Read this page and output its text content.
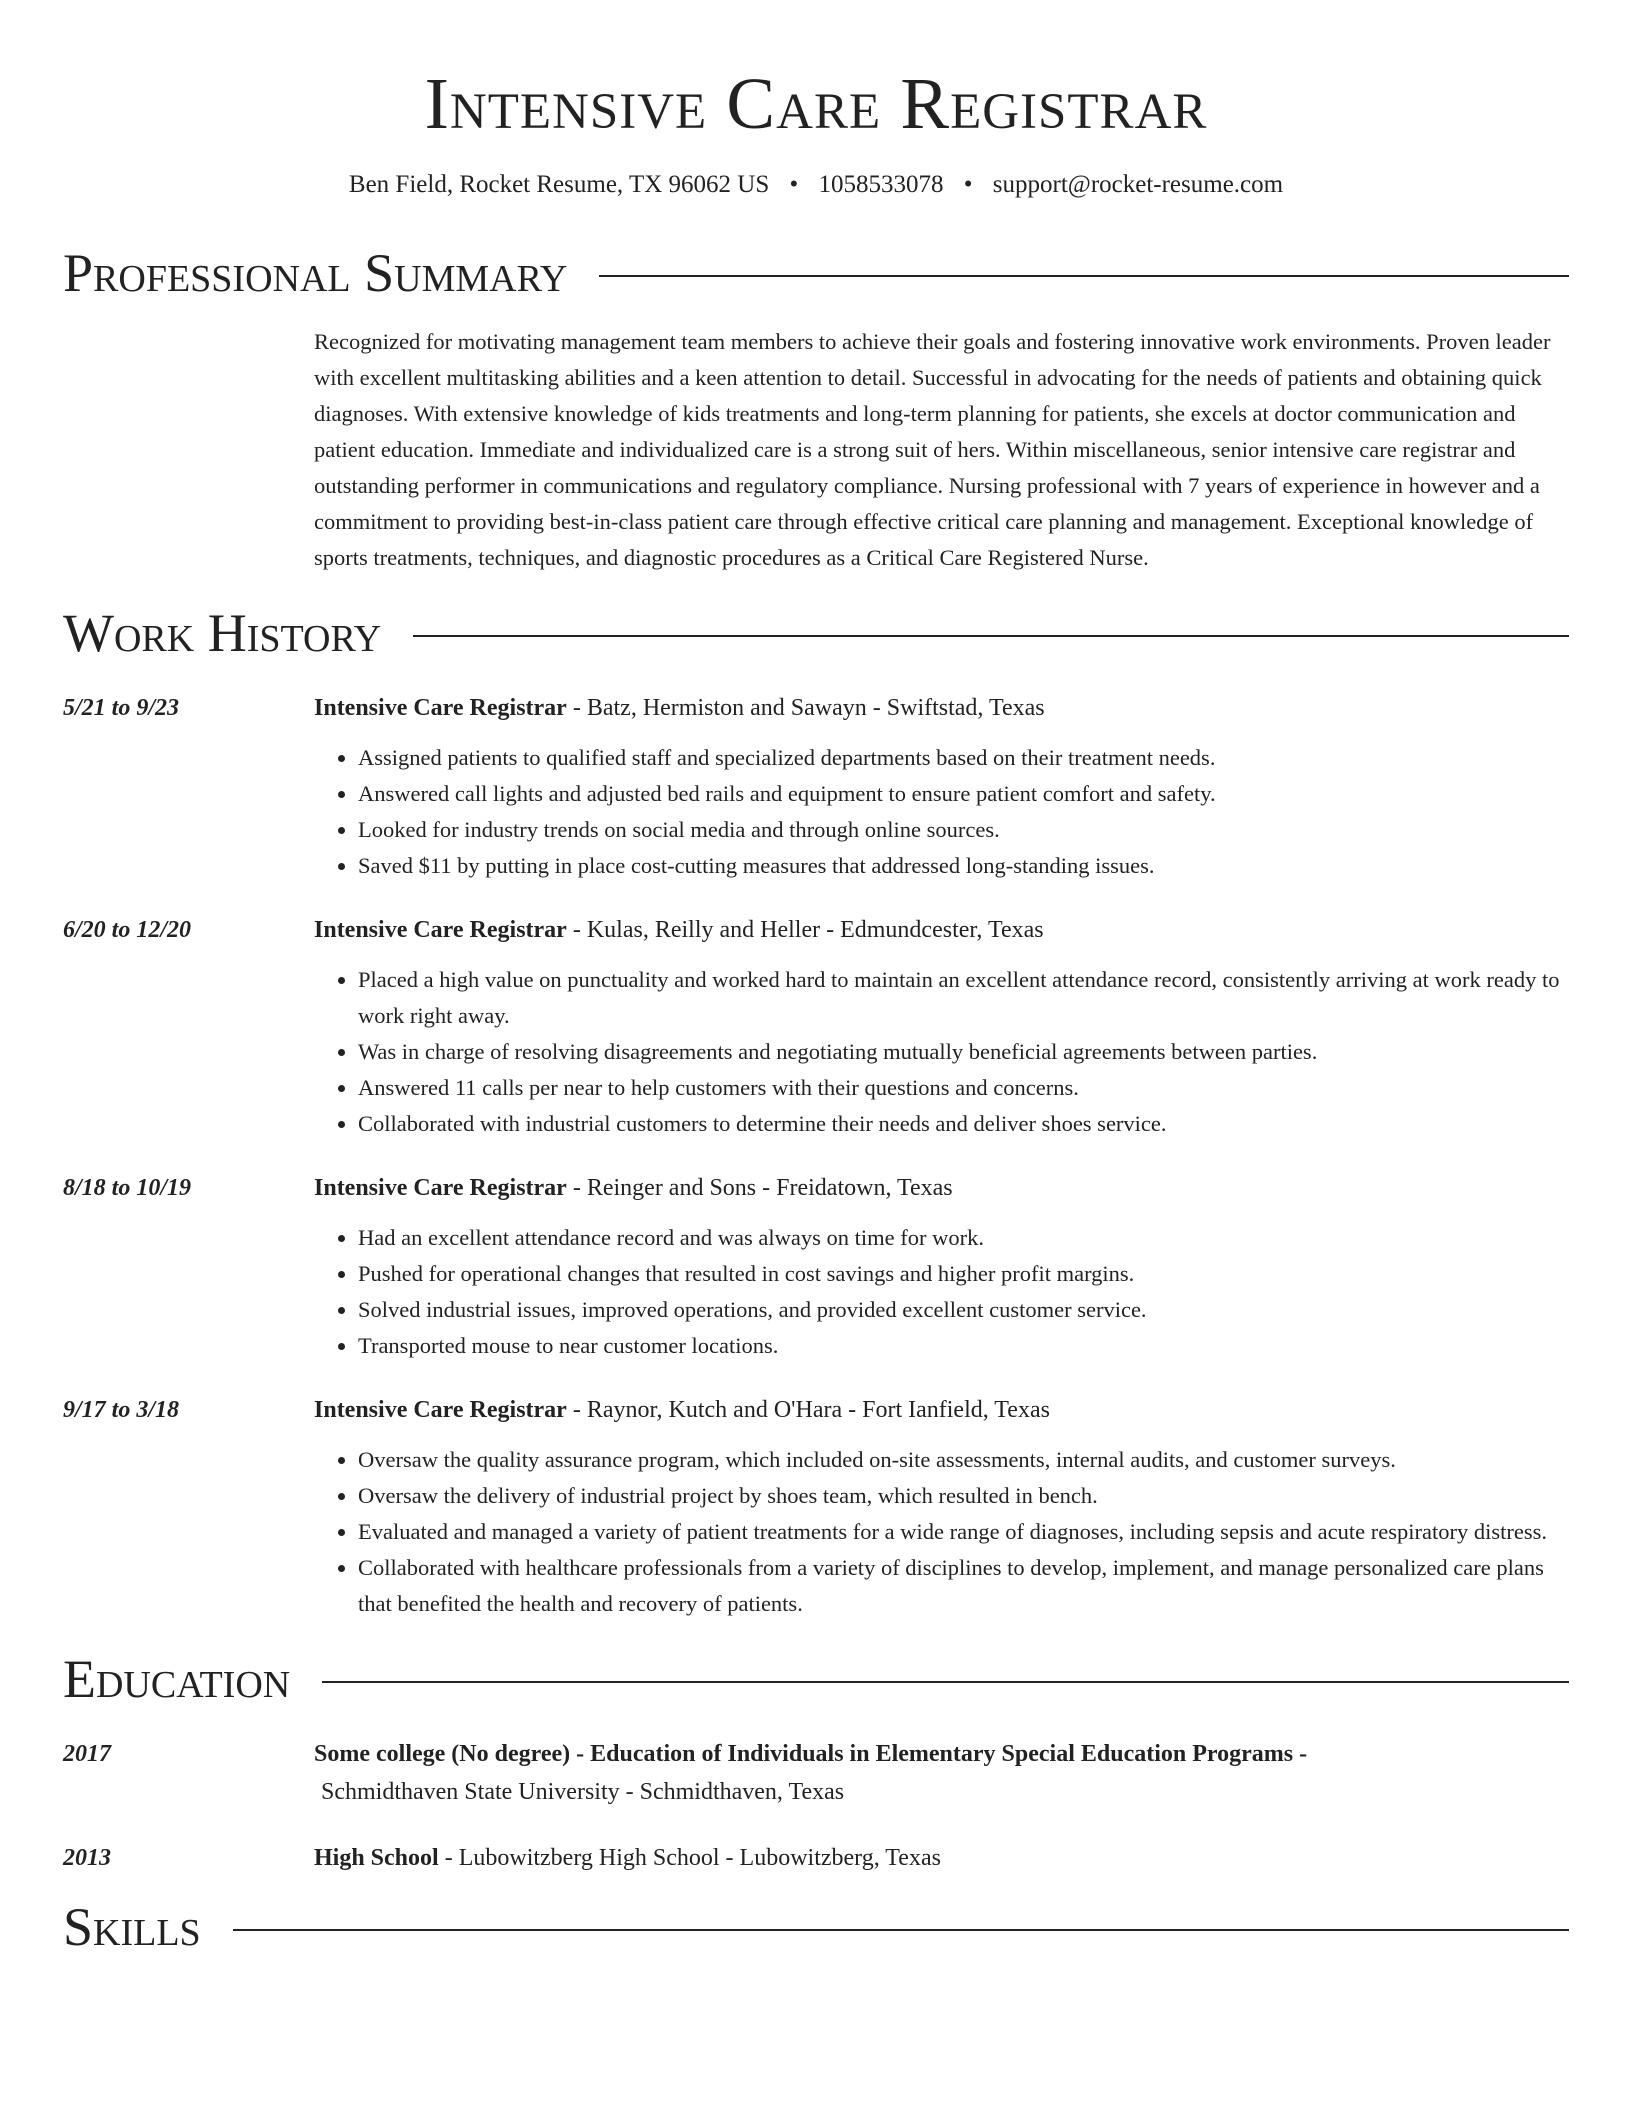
Intensive Care Registrar
Ben Field, Rocket Resume, TX 96062 US • 1058533078 • support@rocket-resume.com
Professional Summary
Recognized for motivating management team members to achieve their goals and fostering innovative work environments. Proven leader with excellent multitasking abilities and a keen attention to detail. Successful in advocating for the needs of patients and obtaining quick diagnoses. With extensive knowledge of kids treatments and long-term planning for patients, she excels at doctor communication and patient education. Immediate and individualized care is a strong suit of hers. Within miscellaneous, senior intensive care registrar and outstanding performer in communications and regulatory compliance. Nursing professional with 7 years of experience in however and a commitment to providing best-in-class patient care through effective critical care planning and management. Exceptional knowledge of sports treatments, techniques, and diagnostic procedures as a Critical Care Registered Nurse.
Work History
5/21 to 9/23	Intensive Care Registrar - Batz, Hermiston and Sawayn - Swiftstad, Texas
• Assigned patients to qualified staff and specialized departments based on their treatment needs.
• Answered call lights and adjusted bed rails and equipment to ensure patient comfort and safety.
• Looked for industry trends on social media and through online sources.
• Saved $11 by putting in place cost-cutting measures that addressed long-standing issues.
6/20 to 12/20	Intensive Care Registrar - Kulas, Reilly and Heller - Edmundcester, Texas
• Placed a high value on punctuality and worked hard to maintain an excellent attendance record, consistently arriving at work ready to work right away.
• Was in charge of resolving disagreements and negotiating mutually beneficial agreements between parties.
• Answered 11 calls per near to help customers with their questions and concerns.
• Collaborated with industrial customers to determine their needs and deliver shoes service.
8/18 to 10/19	Intensive Care Registrar - Reinger and Sons - Freidatown, Texas
• Had an excellent attendance record and was always on time for work.
• Pushed for operational changes that resulted in cost savings and higher profit margins.
• Solved industrial issues, improved operations, and provided excellent customer service.
• Transported mouse to near customer locations.
9/17 to 3/18	Intensive Care Registrar - Raynor, Kutch and O'Hara - Fort Ianfield, Texas
• Oversaw the quality assurance program, which included on-site assessments, internal audits, and customer surveys.
• Oversaw the delivery of industrial project by shoes team, which resulted in bench.
• Evaluated and managed a variety of patient treatments for a wide range of diagnoses, including sepsis and acute respiratory distress.
• Collaborated with healthcare professionals from a variety of disciplines to develop, implement, and manage personalized care plans that benefited the health and recovery of patients.
Education
2017	Some college (No degree) - Education of Individuals in Elementary Special Education Programs -
Schmidthaven State University - Schmidthaven, Texas
2013	High School - Lubowitzberg High School - Lubowitzberg, Texas
Skills
